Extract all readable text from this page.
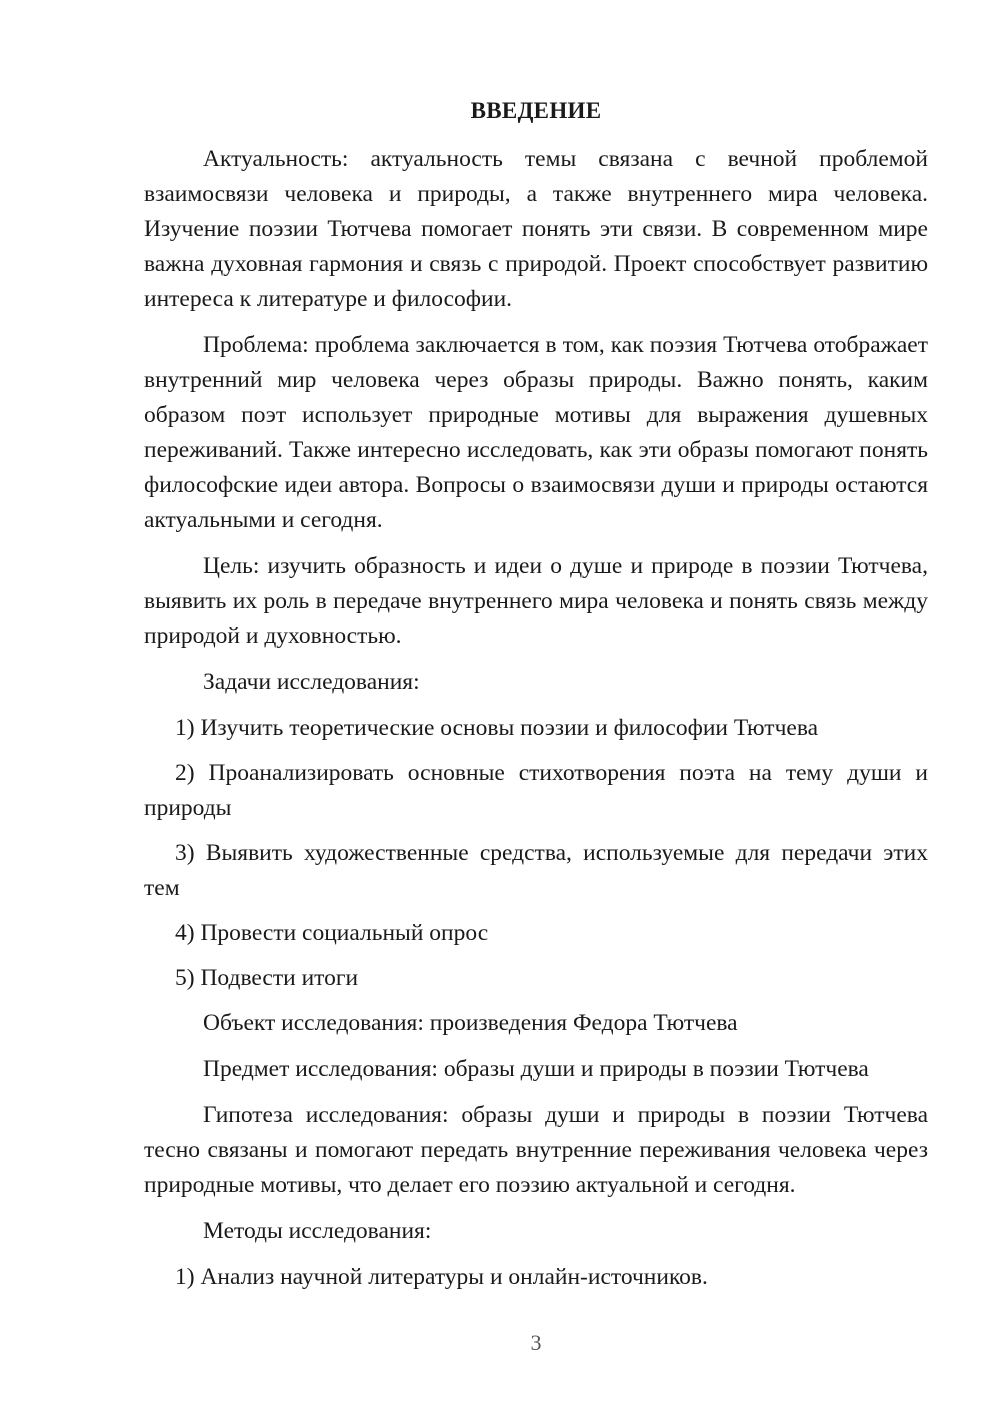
ВВЕДЕНИЕ

Актуальность: актуальность темы связана с вечной проблемой взаимосвязи человека и природы, а также внутреннего мира человека. Изучение поэзии Тютчева помогает понять эти связи. В современном мире важна духовная гармония и связь с природой. Проект способствует развитию интереса к литературе и философии.

Проблема: проблема заключается в том, как поэзия Тютчева отображает внутренний мир человека через образы природы. Важно понять, каким образом поэт использует природные мотивы для выражения душевных переживаний. Также интересно исследовать, как эти образы помогают понять философские идеи автора. Вопросы о взаимосвязи души и природы остаются актуальными и сегодня.

Цель: изучить образность и идеи о душе и природе в поэзии Тютчева, выявить их роль в передаче внутреннего мира человека и понять связь между природой и духовностью.

Задачи исследования:

1) Изучить теоретические основы поэзии и философии Тютчева

2) Проанализировать основные стихотворения поэта на тему души и природы

3) Выявить художественные средства, используемые для передачи этих тем

4) Провести социальный опрос

5) Подвести итоги

Объект исследования: произведения Федора Тютчева

Предмет исследования: образы души и природы в поэзии Тютчева

Гипотеза исследования: образы души и природы в поэзии Тютчева тесно связаны и помогают передать внутренние переживания человека через природные мотивы, что делает его поэзию актуальной и сегодня.

Методы исследования:

1) Анализ научной литературы и онлайн-источников.

3
